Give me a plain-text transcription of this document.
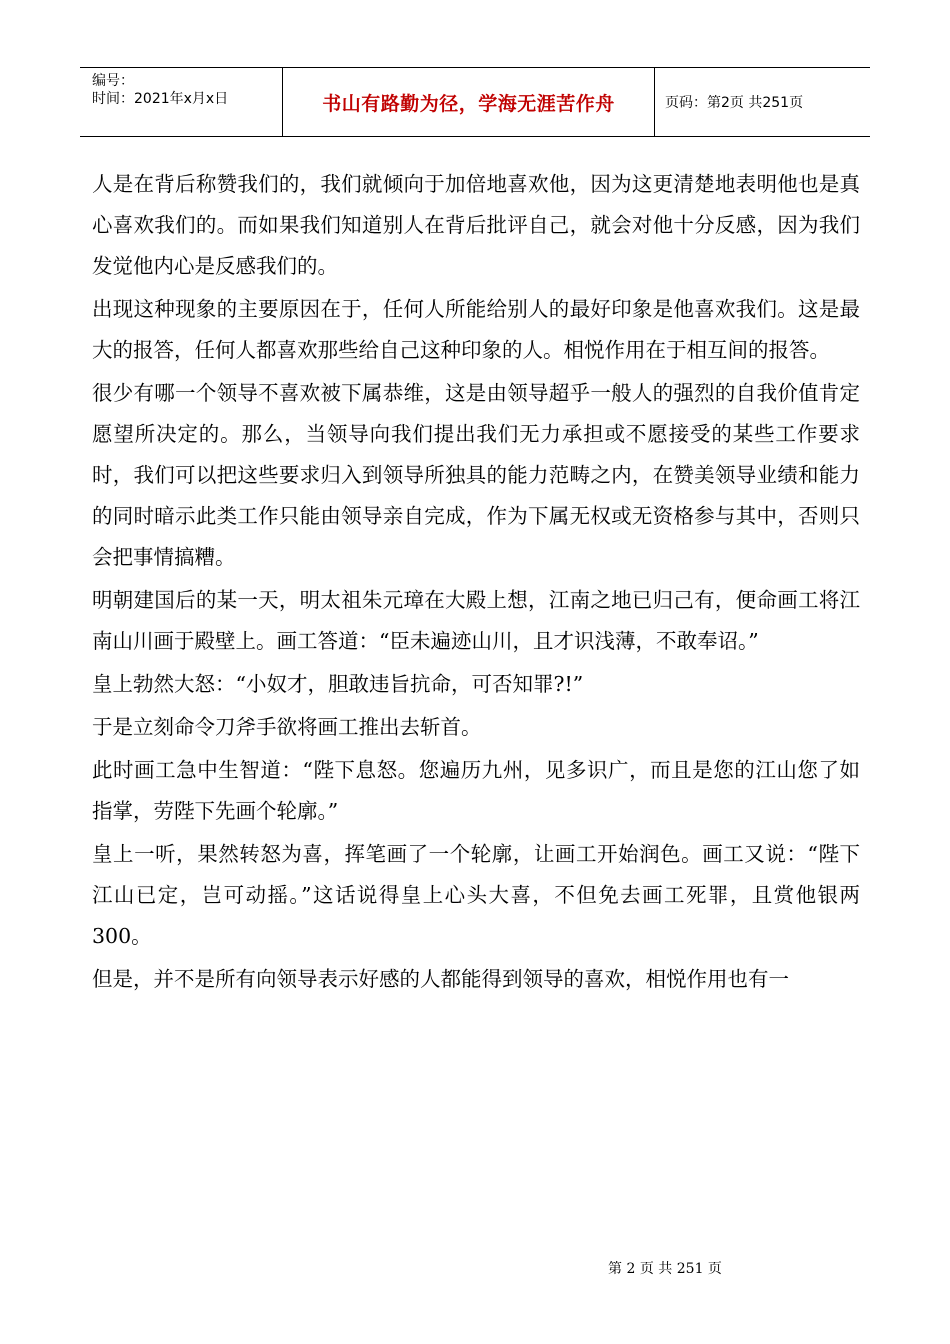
编号：
时间：2021年x月x日	书山有路勤为径，学海无涯苦作舟	页码：第2页 共251页

人是在背后称赞我们的，我们就倾向于加倍地喜欢他，因为这更清楚地表明他也是真心喜欢我们的。而如果我们知道别人在背后批评自己，就会对他十分反感，因为我们发觉他内心是反感我们的。

出现这种现象的主要原因在于，任何人所能给别人的最好印象是他喜欢我们。这是最大的报答，任何人都喜欢那些给自己这种印象的人。相悦作用在于相互间的报答。

很少有哪一个领导不喜欢被下属恭维，这是由领导超乎一般人的强烈的自我价值肯定愿望所决定的。那么，当领导向我们提出我们无力承担或不愿接受的某些工作要求时，我们可以把这些要求归入到领导所独具的能力范畴之内，在赞美领导业绩和能力的同时暗示此类工作只能由领导亲自完成，作为下属无权或无资格参与其中，否则只会把事情搞糟。

明朝建国后的某一天，明太祖朱元璋在大殿上想，江南之地已归己有，便命画工将江南山川画于殿壁上。画工答道：“臣未遍迹山川，且才识浅薄，不敢奉诏。”

皇上勃然大怒：“小奴才，胆敢违旨抗命，可否知罪?!”

于是立刻命令刀斧手欲将画工推出去斩首。

此时画工急中生智道：“陛下息怒。您遍历九州，见多识广，而且是您的江山您了如指掌，劳陛下先画个轮廓。”

皇上一听，果然转怒为喜，挥笔画了一个轮廓，让画工开始润色。画工又说：“陛下江山已定，岂可动摇。”这话说得皇上心头大喜，不但免去画工死罪，且赏他银两300。

但是，并不是所有向领导表示好感的人都能得到领导的喜欢，相悦作用也有一

第 2 页 共 251 页
